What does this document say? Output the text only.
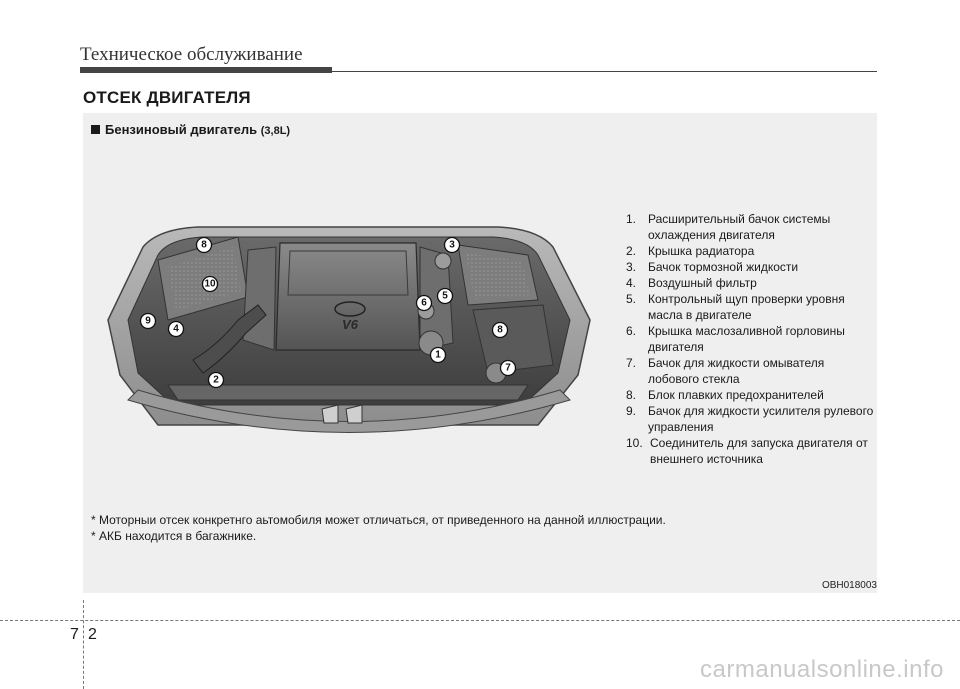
Техническое обслуживание
ОТСЕК ДВИГАТЕЛЯ
Бензиновый двигатель (3,8L)
V6
1
2
3
4
5
6
7
8
8
9
10
1. Расширительный бачок системы охлаждения двигателя
2. Крышка радиатора
3. Бачок тормозной жидкости
4. Воздушный фильтр
5. Контрольный щуп проверки уровня масла в двигателе
6. Крышка маслозаливной горловины двигателя
7. Бачок для жидкости омывателя лобового стекла
8. Блок плавких предохранителей
9. Бачок для жидкости усилителя рулевого управления
10. Соединитель для запуска двигателя от внешнего источника
* Моторныи отсек конкретнго аьтомобиля может отличаться, от приведенного на данной иллюстрации.
* АКБ находится в багажнике.
OBH018003
7 2
carmanualsonline.info
